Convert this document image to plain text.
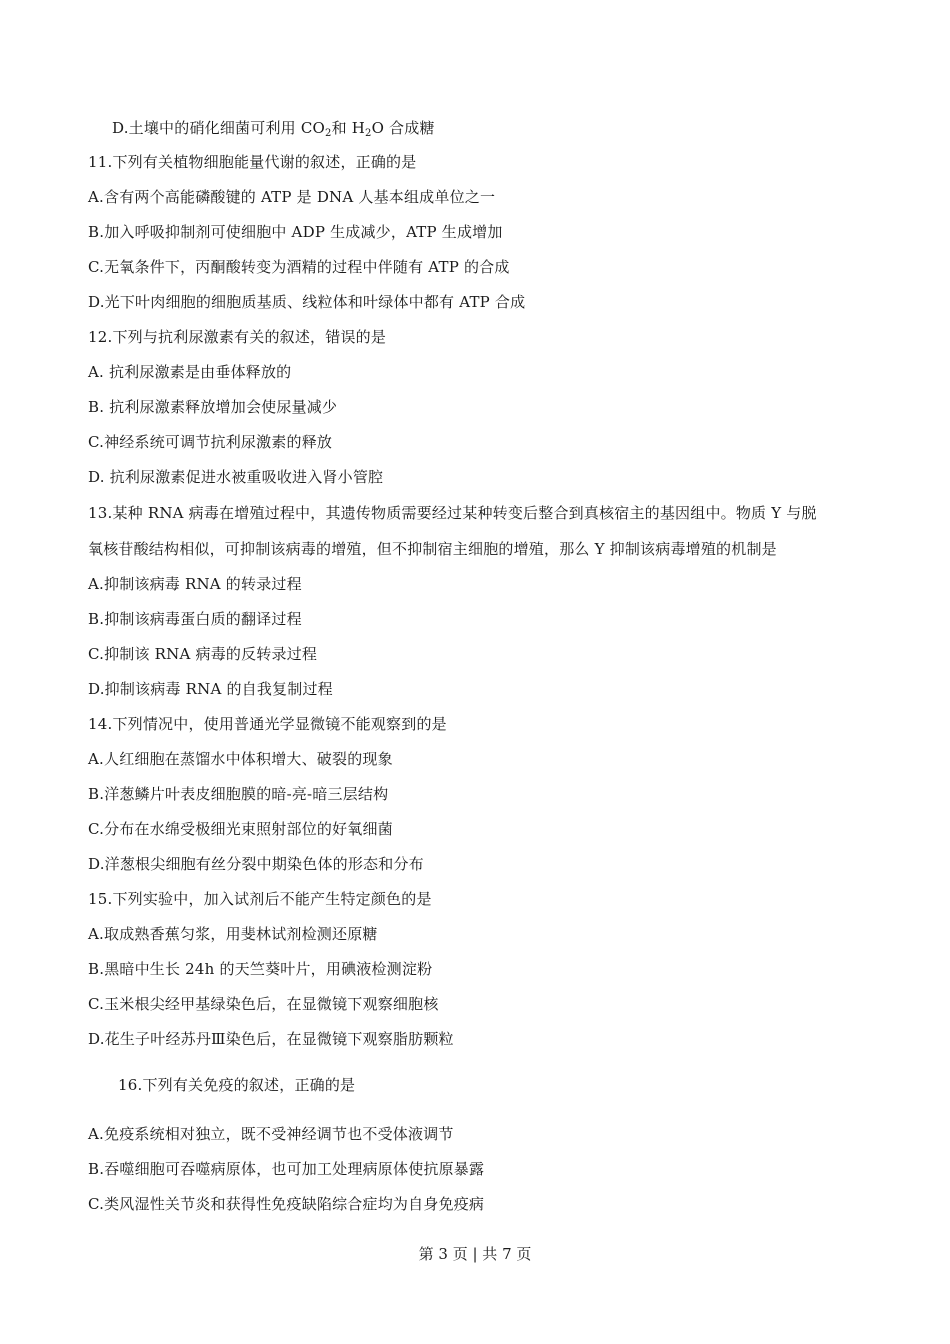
D.土壤中的硝化细菌可利用 $CO_2$和 $H_2O$ 合成糖
11.下列有关植物细胞能量代谢的叙述，正确的是
A.含有两个高能磷酸键的 ATP 是 DNA 人基本组成单位之一
B.加入呼吸抑制剂可使细胞中 ADP 生成减少，ATP 生成增加
C.无氧条件下，丙酮酸转变为酒精的过程中伴随有 ATP 的合成
D.光下叶肉细胞的细胞质基质、线粒体和叶绿体中都有 ATP 合成
12.下列与抗利尿激素有关的叙述，错误的是
A. 抗利尿激素是由垂体释放的
B. 抗利尿激素释放增加会使尿量减少
C.神经系统可调节抗利尿激素的释放
D. 抗利尿激素促进水被重吸收进入肾小管腔
13.某种 RNA 病毒在增殖过程中，其遗传物质需要经过某种转变后整合到真核宿主的基因组中。物质 Y 与脱
氧核苷酸结构相似，可抑制该病毒的增殖，但不抑制宿主细胞的增殖，那么 Y 抑制该病毒增殖的机制是
A.抑制该病毒 RNA 的转录过程
B.抑制该病毒蛋白质的翻译过程
C.抑制该 RNA 病毒的反转录过程
D.抑制该病毒 RNA 的自我复制过程
14.下列情况中，使用普通光学显微镜不能观察到的是
A.人红细胞在蒸馏水中体积增大、破裂的现象
B.洋葱鳞片叶表皮细胞膜的暗-亮-暗三层结构
C.分布在水绵受极细光束照射部位的好氧细菌
D.洋葱根尖细胞有丝分裂中期染色体的形态和分布
15.下列实验中，加入试剂后不能产生特定颜色的是
A.取成熟香蕉匀浆，用斐林试剂检测还原糖
B.黑暗中生长 24h 的天竺葵叶片，用碘液检测淀粉
C.玉米根尖经甲基绿染色后，在显微镜下观察细胞核
D.花生子叶经苏丹Ⅲ染色后，在显微镜下观察脂肪颗粒
16.下列有关免疫的叙述，正确的是
A.免疫系统相对独立，既不受神经调节也不受体液调节
B.吞噬细胞可吞噬病原体，也可加工处理病原体使抗原暴露
C.类风湿性关节炎和获得性免疫缺陷综合症均为自身免疫病
第 3 页 | 共 7 页
